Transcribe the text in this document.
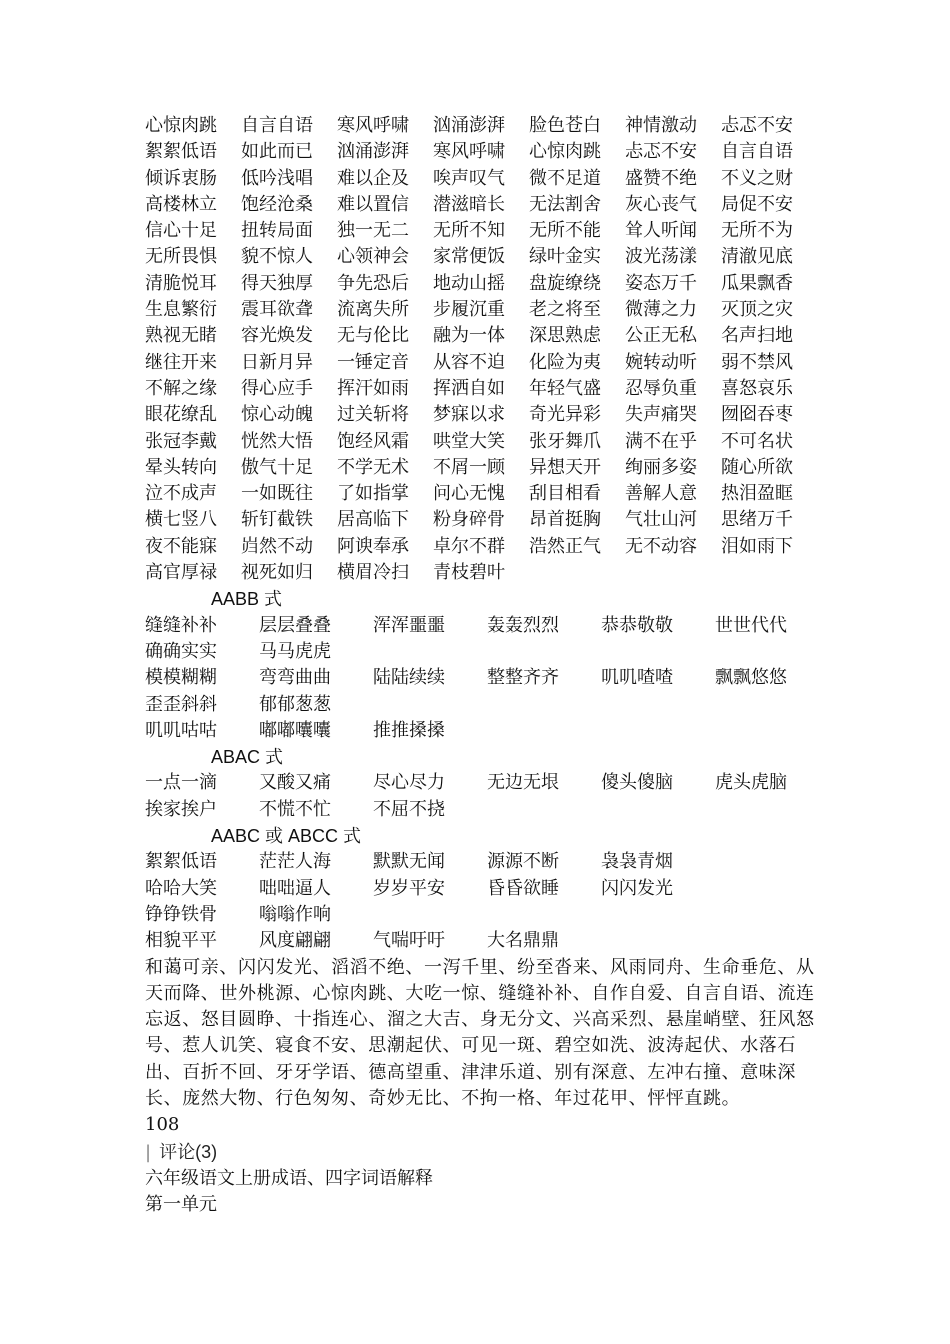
心惊肉跳	自言自语	寒风呼啸	汹涌澎湃	脸色苍白	神情激动	忐忑不安
絮絮低语	如此而已	汹涌澎湃	寒风呼啸	心惊肉跳	忐忑不安	自言自语
倾诉衷肠	低吟浅唱	难以企及	唉声叹气	微不足道	盛赞不绝	不义之财
高楼林立	饱经沧桑	难以置信	潜滋暗长	无法割舍	灰心丧气	局促不安
信心十足	扭转局面	独一无二	无所不知	无所不能	耸人听闻	无所不为
无所畏惧	貌不惊人	心领神会	家常便饭	绿叶金实	波光荡漾	清澈见底
清脆悦耳	得天独厚	争先恐后	地动山摇	盘旋缭绕	姿态万千	瓜果飘香
生息繁衍	震耳欲聋	流离失所	步履沉重	老之将至	微薄之力	灭顶之灾
熟视无睹	容光焕发	无与伦比	融为一体	深思熟虑	公正无私	名声扫地
继往开来	日新月异	一锤定音	从容不迫	化险为夷	婉转动听	弱不禁风
不解之缘	得心应手	挥汗如雨	挥洒自如	年轻气盛	忍辱负重	喜怒哀乐
眼花缭乱	惊心动魄	过关斩将	梦寐以求	奇光异彩	失声痛哭	囫囵吞枣
张冠李戴	恍然大悟	饱经风霜	哄堂大笑	张牙舞爪	满不在乎	不可名状
晕头转向	傲气十足	不学无术	不屑一顾	异想天开	绚丽多姿	随心所欲
泣不成声	一如既往	了如指掌	问心无愧	刮目相看	善解人意	热泪盈眶
横七竖八	斩钉截铁	居高临下	粉身碎骨	昂首挺胸	气壮山河	思绪万千
夜不能寐	岿然不动	阿谀奉承	卓尔不群	浩然正气	无不动容	泪如雨下
高官厚禄	视死如归	横眉冷扫	青枝碧叶
AABB 式
缝缝补补	层层叠叠	浑浑噩噩	轰轰烈烈	恭恭敬敬	世世代代
确确实实	马马虎虎
模模糊糊	弯弯曲曲	陆陆续续	整整齐齐	叽叽喳喳	飘飘悠悠
歪歪斜斜	郁郁葱葱
叽叽咕咕	嘟嘟囔囔	推推搡搡
ABAC 式
一点一滴	又酸又痛	尽心尽力	无边无垠	傻头傻脑	虎头虎脑
挨家挨户	不慌不忙	不屈不挠
AABC 或 ABCC 式
絮絮低语	茫茫人海	默默无闻	源源不断	袅袅青烟
哈哈大笑	咄咄逼人	岁岁平安	昏昏欲睡	闪闪发光
铮铮铁骨	嗡嗡作响
相貌平平	风度翩翩	气喘吁吁	大名鼎鼎
和蔼可亲、闪闪发光、滔滔不绝、一泻千里、纷至沓来、风雨同舟、生命垂危、从天而降、世外桃源、心惊肉跳、大吃一惊、缝缝补补、自作自爱、自言自语、流连忘返、怒目圆睁、十指连心、溜之大吉、身无分文、兴高采烈、悬崖峭壁、狂风怒号、惹人讥笑、寝食不安、思潮起伏、可见一斑、碧空如洗、波涛起伏、水落石出、百折不回、牙牙学语、德高望重、津津乐道、别有深意、左冲右撞、意味深长、庞然大物、行色匆匆、奇妙无比、不拘一格、年过花甲、怦怦直跳。
108
| 评论(3)
六年级语文上册成语、四字词语解释
第一单元
